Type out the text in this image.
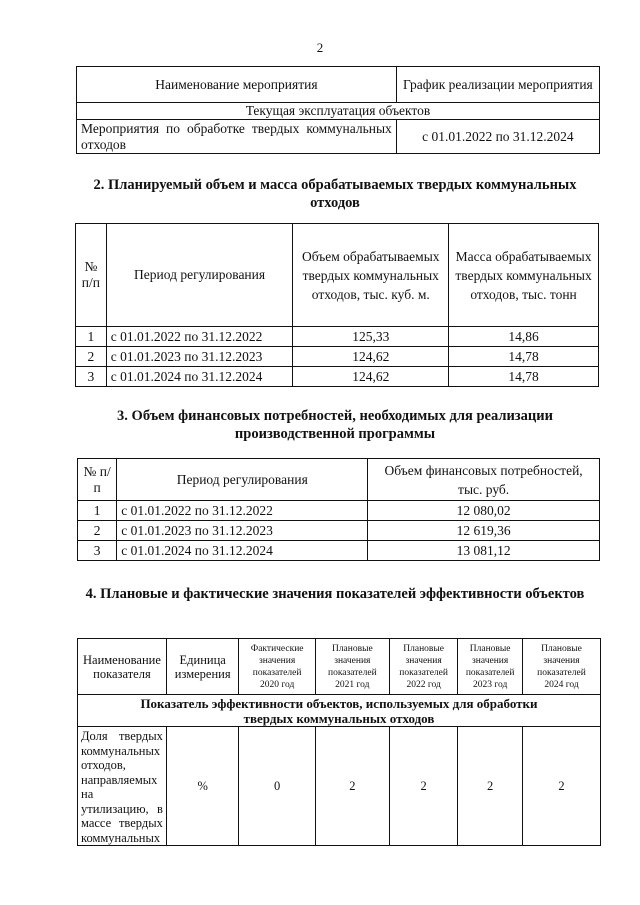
2
Наименование мероприятия	График реализации мероприятия
Текущая эксплуатация объектов	

Мероприятия по обработке твердых коммунальных отходов	с 01.01.2022 по 31.12.2024
2. Планируемый объем и масса обрабатываемых твердых коммунальных отходов
№ п/п	Период регулирования	Объем обрабатываемых твердых коммунальных отходов, тыс. куб. м.	Масса обрабатываемых твердых коммунальных отходов, тыс. тонн
1	с 01.01.2022 по 31.12.2022	125,33	14,86
2	с 01.01.2023 по 31.12.2023	124,62	14,78
3	с 01.01.2024 по 31.12.2024	124,62	14,78
3. Объем финансовых потребностей, необходимых для реализации производственной программы
№ п/п	Период регулирования	Объем финансовых потребностей, тыс. руб.
1	с 01.01.2022 по 31.12.2022	12 080,02
2	с 01.01.2023 по 31.12.2023	12 619,36
3	с 01.01.2024 по 31.12.2024	13 081,12
4. Плановые и фактические значения показателей эффективности объектов
Наименование показателя	Единица измерения	Фактические значения показателей 2020 год	Плановые значения показателей 2021 год	Плановые значения показателей 2022 год	Плановые значения показателей 2023 год	Плановые значения показателей 2024 год
Показатель эффективности объектов, используемых для обработки твердых коммунальных отходов						

Доля твердых коммунальных отходов, направляемых на утилизацию, в массе твердых коммунальных	%	0	2	2	2	2
